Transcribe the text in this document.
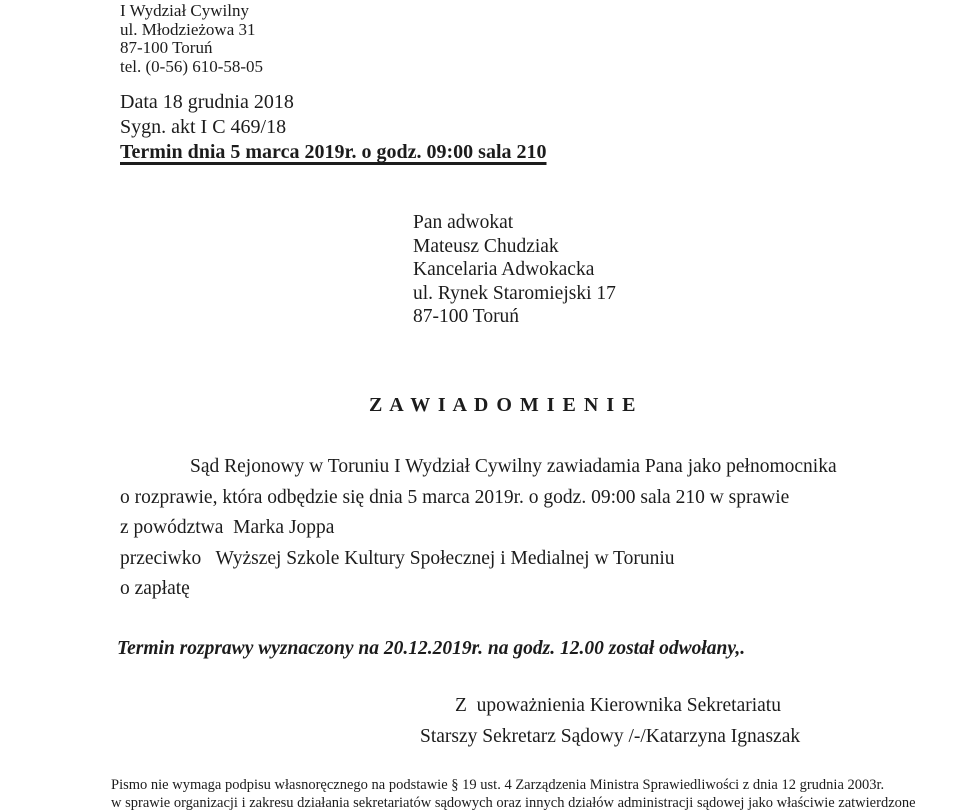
I Wydział Cywilny
ul. Młodzieżowa 31
87-100 Toruń
tel. (0-56) 610-58-05
Data 18 grudnia 2018
Sygn. akt I C 469/18
Termin dnia 5 marca 2019r. o godz. 09:00 sala 210
Pan adwokat
Mateusz Chudziak
Kancelaria Adwokacka
ul. Rynek Staromiejski 17
87-100 Toruń
Z A W I A D O M I E N I E
Sąd Rejonowy w Toruniu I Wydział Cywilny zawiadamia Pana jako pełnomocnika
o rozprawie, która odbędzie się dnia 5 marca 2019r. o godz. 09:00 sala 210 w sprawie
z powództwa  Marka Joppa
przeciwko   Wyższej Szkole Kultury Społecznej i Medialnej w Toruniu
o zapłatę
Termin rozprawy wyznaczony na 20.12.2019r. na godz. 12.00 został odwołany,.
Z  upoważnienia Kierownika Sekretariatu
Starszy Sekretarz Sądowy /-/Katarzyna Ignaszak
Pismo nie wymaga podpisu własnoręcznego na podstawie § 19 ust. 4 Zarządzenia Ministra Sprawiedliwości z dnia 12 grudnia 2003r.
w sprawie organizacji i zakresu działania sekretariatów sądowych oraz innych działów administracji sądowej jako właściwie zatwierdzone
